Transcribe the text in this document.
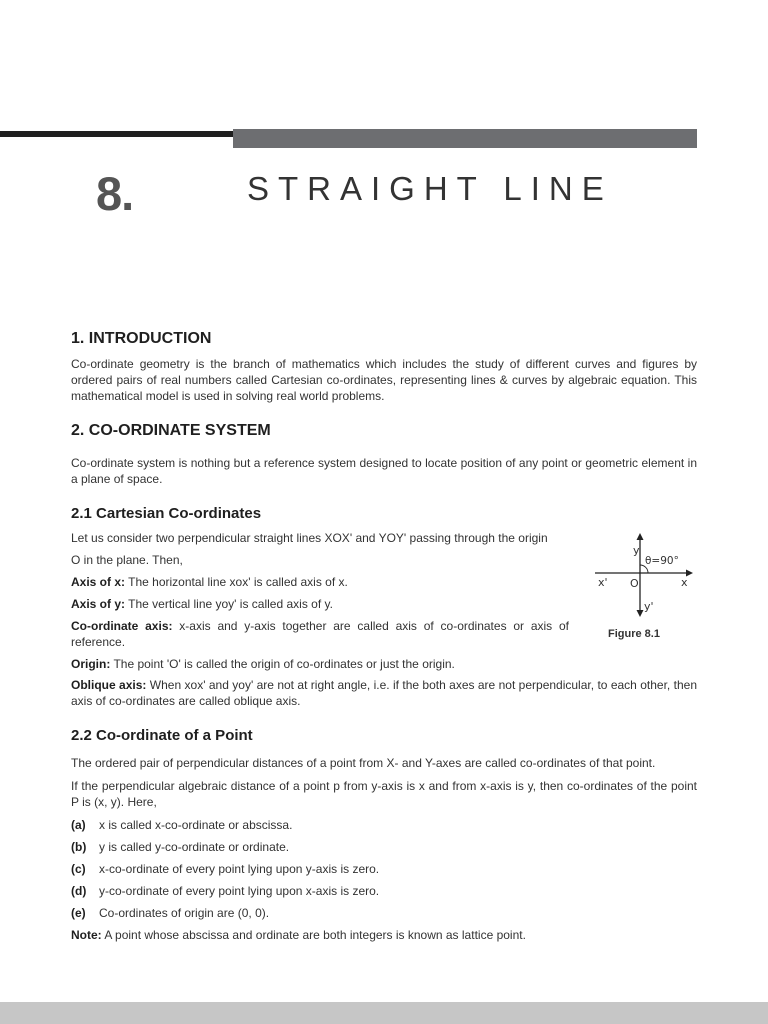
8.	STRAIGHT LINE
1. INTRODUCTION

Co-ordinate geometry is the branch of mathematics which includes the study of different curves and figures by ordered pairs of real numbers called Cartesian co-ordinates, representing lines & curves by algebraic equation. This mathematical model is used in solving real world problems.

2. CO-ORDINATE SYSTEM

Co-ordinate system is nothing but a reference system designed to locate position of any point or geometric element in a plane of space.

2.1 Cartesian Co-ordinates

Let us consider two perpendicular straight lines XOX' and YOY' passing through the origin

O in the plane. Then,

Axis of x: The horizontal line xox' is called axis of x.

Axis of y: The vertical line yoy' is called axis of y.

Co-ordinate axis: x-axis and y-axis together are called axis of co-ordinates or axis of reference.

y
θ=90°
x' O	x
y'
Figure 8.1

Origin: The point 'O' is called the origin of co-ordinates or just the origin.

Oblique axis: When xox' and yoy' are not at right angle, i.e. if the both axes are not perpendicular, to each other, then axis of co-ordinates are called oblique axis.

2.2 Co-ordinate of a Point

The ordered pair of perpendicular distances of a point from X- and Y-axes are called co-ordinates of that point.

If the perpendicular algebraic distance of a point p from y-axis is x and from x-axis is y, then co-ordinates of the point P is (x, y). Here,

(a)	x is called x-co-ordinate or abscissa.
(b)	y is called y-co-ordinate or ordinate.
(c)	x-co-ordinate of every point lying upon y-axis is zero.
(d)	y-co-ordinate of every point lying upon x-axis is zero.
(e)	Co-ordinates of origin are (0, 0).

Note: A point whose abscissa and ordinate are both integers is known as lattice point.
